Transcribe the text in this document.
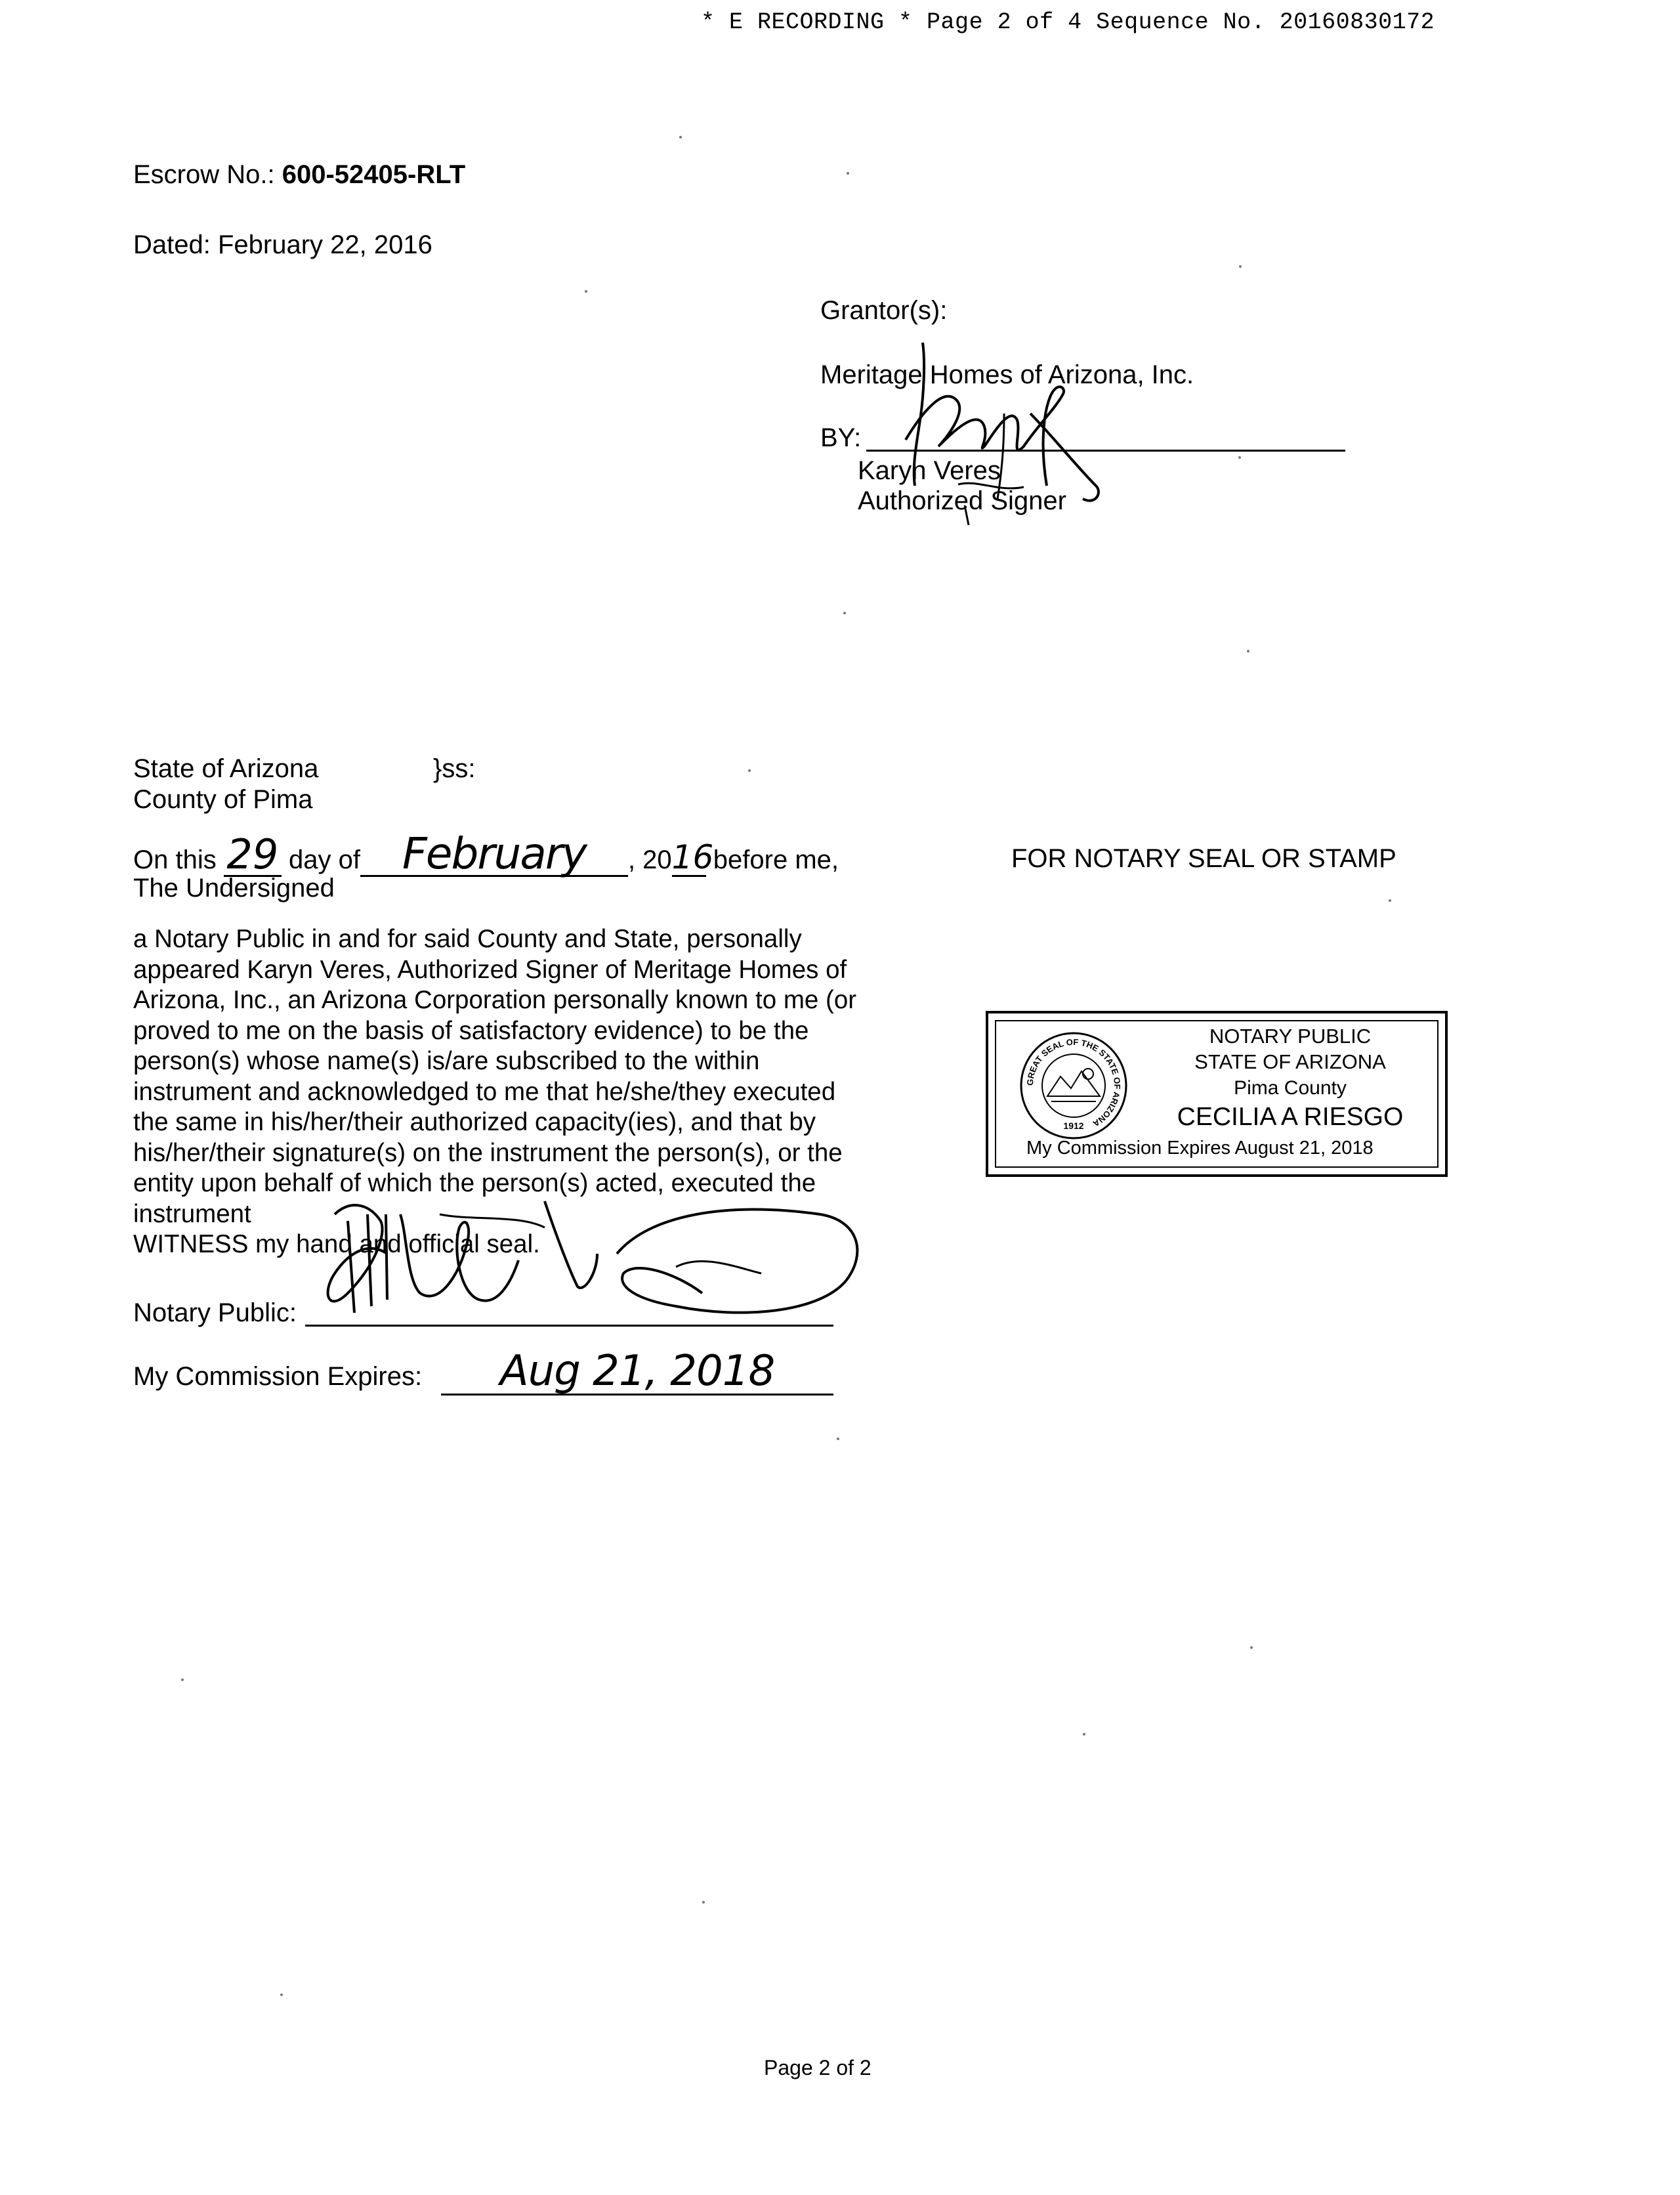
* E RECORDING * Page 2 of 4 Sequence No. 20160830172
Escrow No.: 600-52405-RLT
Dated: February 22, 2016
Grantor(s):
Meritage Homes of Arizona, Inc.
BY:
Karyn Veres
Authorized Signer
State of Arizona	}ss:
County of Pima
On this 29 day of February , 2016 before me,
The Undersigned

a Notary Public in and for said County and State, personally

appeared Karyn Veres, Authorized Signer of Meritage Homes of

Arizona, Inc., an Arizona Corporation personally known to me (or

proved to me on the basis of satisfactory evidence) to be the

person(s) whose name(s) is/are subscribed to the within

instrument and acknowledged to me that he/she/they executed

the same in his/her/their authorized capacity(ies), and that by

his/her/their signature(s) on the instrument the person(s), or the

entity upon behalf of which the person(s) acted, executed the

instrument

WITNESS my hand and official seal.

Notary Public:
My Commission Expires:	Aug 21, 2018
FOR NOTARY SEAL OR STAMP
GREAT SEAL OF THE STATE OF ARIZONA
1912
NOTARY PUBLIC
STATE OF ARIZONA
Pima County
CECILIA A RIESGO
My Commission Expires August 21, 2018
Page 2 of 2
